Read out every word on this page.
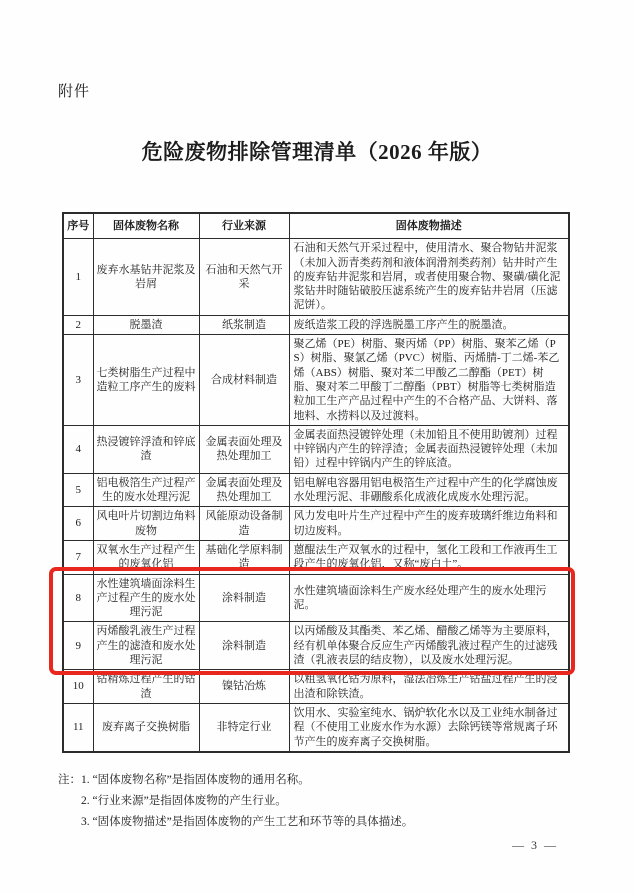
附件
危险废物排除管理清单（2026 年版）
序号	固体废物名称	行业来源	固体废物描述
1	废弃水基钻井泥浆及岩屑	石油和天然气开采	石油和天然气开采过程中，使用清水、聚合物钻井泥浆（未加入沥青类药剂和液体润滑剂类药剂）钻井时产生的废弃钻井泥浆和岩屑，或者使用聚合物、聚磺/磺化泥浆钻井时随钻破胶压滤系统产生的废弃钻井岩屑（压滤泥饼）。
2	脱墨渣	纸浆制造	废纸造浆工段的浮选脱墨工序产生的脱墨渣。
3	七类树脂生产过程中造粒工序产生的废料	合成材料制造	聚乙烯（PE）树脂、聚丙烯（PP）树脂、聚苯乙烯（PS）树脂、聚氯乙烯（PVC）树脂、丙烯腈-丁二烯-苯乙烯（ABS）树脂、聚对苯二甲酸乙二醇酯（PET）树脂、聚对苯二甲酸丁二醇酯（PBT）树脂等七类树脂造粒加工生产产品过程中产生的不合格产品、大饼料、落地料、水捞料以及过渡料。
4	热浸镀锌浮渣和锌底渣	金属表面处理及热处理加工	金属表面热浸镀锌处理（未加铅且不使用助镀剂）过程中锌锅内产生的锌浮渣；金属表面热浸镀锌处理（未加铅）过程中锌锅内产生的锌底渣。
5	铝电极箔生产过程产生的废水处理污泥	金属表面处理及热处理加工	铝电解电容器用铝电极箔生产过程中产生的化学腐蚀废水处理污泥、非硼酸系化成液化成废水处理污泥。
6	风电叶片切割边角料废物	风能原动设备制造	风力发电叶片生产过程中产生的废弃玻璃纤维边角料和切边废料。
7	双氧水生产过程产生的废氧化铝	基础化学原料制造	蒽醌法生产双氧水的过程中，氢化工段和工作液再生工段产生的废氧化铝，又称“废白土”。
8	水性建筑墙面涂料生产过程产生的废水处理污泥	涂料制造	水性建筑墙面涂料生产废水经处理产生的废水处理污泥。
9	丙烯酸乳液生产过程产生的滤渣和废水处理污泥	涂料制造	以丙烯酸及其酯类、苯乙烯、醋酸乙烯等为主要原料，经有机单体聚合反应生产丙烯酸乳液过程产生的过滤残渣（乳液表层的结皮物），以及废水处理污泥。
10	钴精炼过程产生的钴渣	镍钴冶炼	以粗氢氧化钴为原料，湿法冶炼生产钴盐过程产生的浸出渣和除铁渣。
11	废弃离子交换树脂	非特定行业	饮用水、实验室纯水、锅炉软化水以及工业纯水制备过程（不使用工业废水作为水源）去除钙镁等常规离子环节产生的废弃离子交换树脂。
注： 1. “固体废物名称”是指固体废物的通用名称。
2. “行业来源”是指固体废物的产生行业。
3. “固体废物描述”是指固体废物的产生工艺和环节等的具体描述。
— 3 —
